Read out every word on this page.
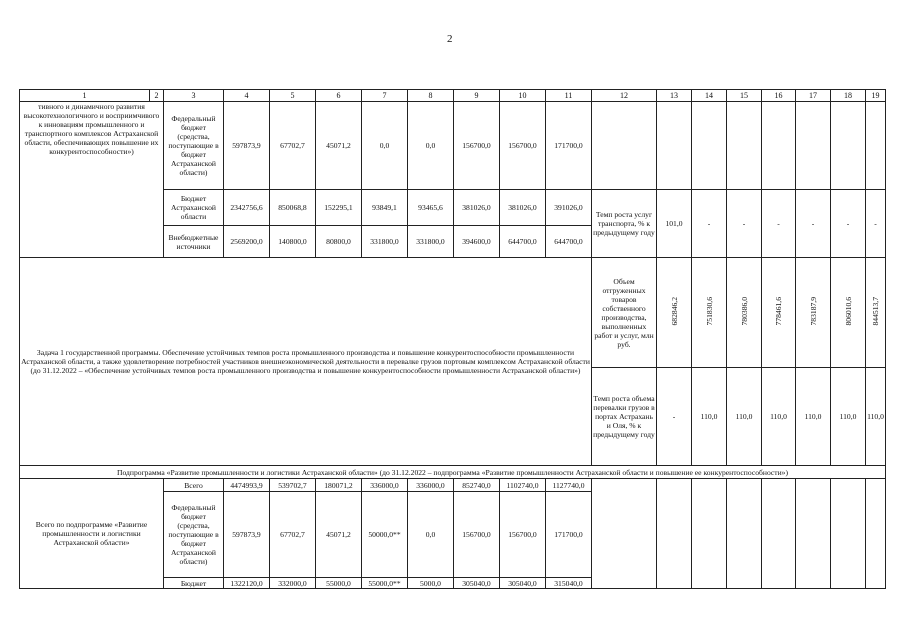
2
1	2	3	4	5	6	7	8	9	10	11	12	13	14	15	16	17	18	19
тивного и динамичного развития высокотехнологичного и восприимчивого к инновациям промышленного и транспортного комплексов Астраханской области, обеспечивающих повышение их конкурентоспособности»)		Федеральный бюджет (средства, поступающие в бюджет Астраханской области)	597873,9	67702,7	45071,2	0,0	0,0	156700,0	156700,0	171700,0								
		Бюджет Астраханской области	2342756,6	850068,8	152295,1	93849,1	93465,6	381026,0	381026,0	391026,0	Темп роста услуг транспорта, % к предыдущему году	101,0	-	-	-	-	-	-
		Внебюджетные источники	2569200,0	140800,0	80800,0	331800,0	331800,0	394600,0	644700,0	644700,0								
Задача 1 государственной программы. Обеспечение устойчивых темпов роста промышленного производства и повышение конкурентоспособности промышленности Астраханской области, а также удовлетворение потребностей участников внешнеэкономической деятельности в перевалке грузов портовым комплексом Астраханской области (до 31.12.2022 – «Обеспечение устойчивых темпов роста промышленного производства и повышение конкурентоспособности промышленности Астраханской области»)											Объем отгруженных товаров собственного производства, выполненных работ и услуг, млн руб.	682846,2	751830,6	780386,0	778461,6	783187,9	806010,6	844513,7
											Темп роста объема перевалки грузов в портах Астрахань и Оля, % к предыдущему году	-	110,0	110,0	110,0	110,0	110,0	110,0
Подпрограмма «Развитие промышленности и логистики Астраханской области» (до 31.12.2022 – подпрограмма «Развитие промышленности Астраханской области и повышение ее конкурентоспособности»)																		
Всего по подпрограмме «Развитие промышленности и логистики Астраханской области»		Всего	4474993,9	539702,7	180071,2	336000,0	336000,0	852740,0	1102740,0	1127740,0								
		Федеральный бюджет (средства, поступающие в бюджет Астраханской области)	597873,9	67702,7	45071,2	50000,0**	0,0	156700,0	156700,0	171700,0								
		Бюджет	1322120,0	332000,0	55000,0	55000,0**	5000,0	305040,0	305040,0	315040,0								
